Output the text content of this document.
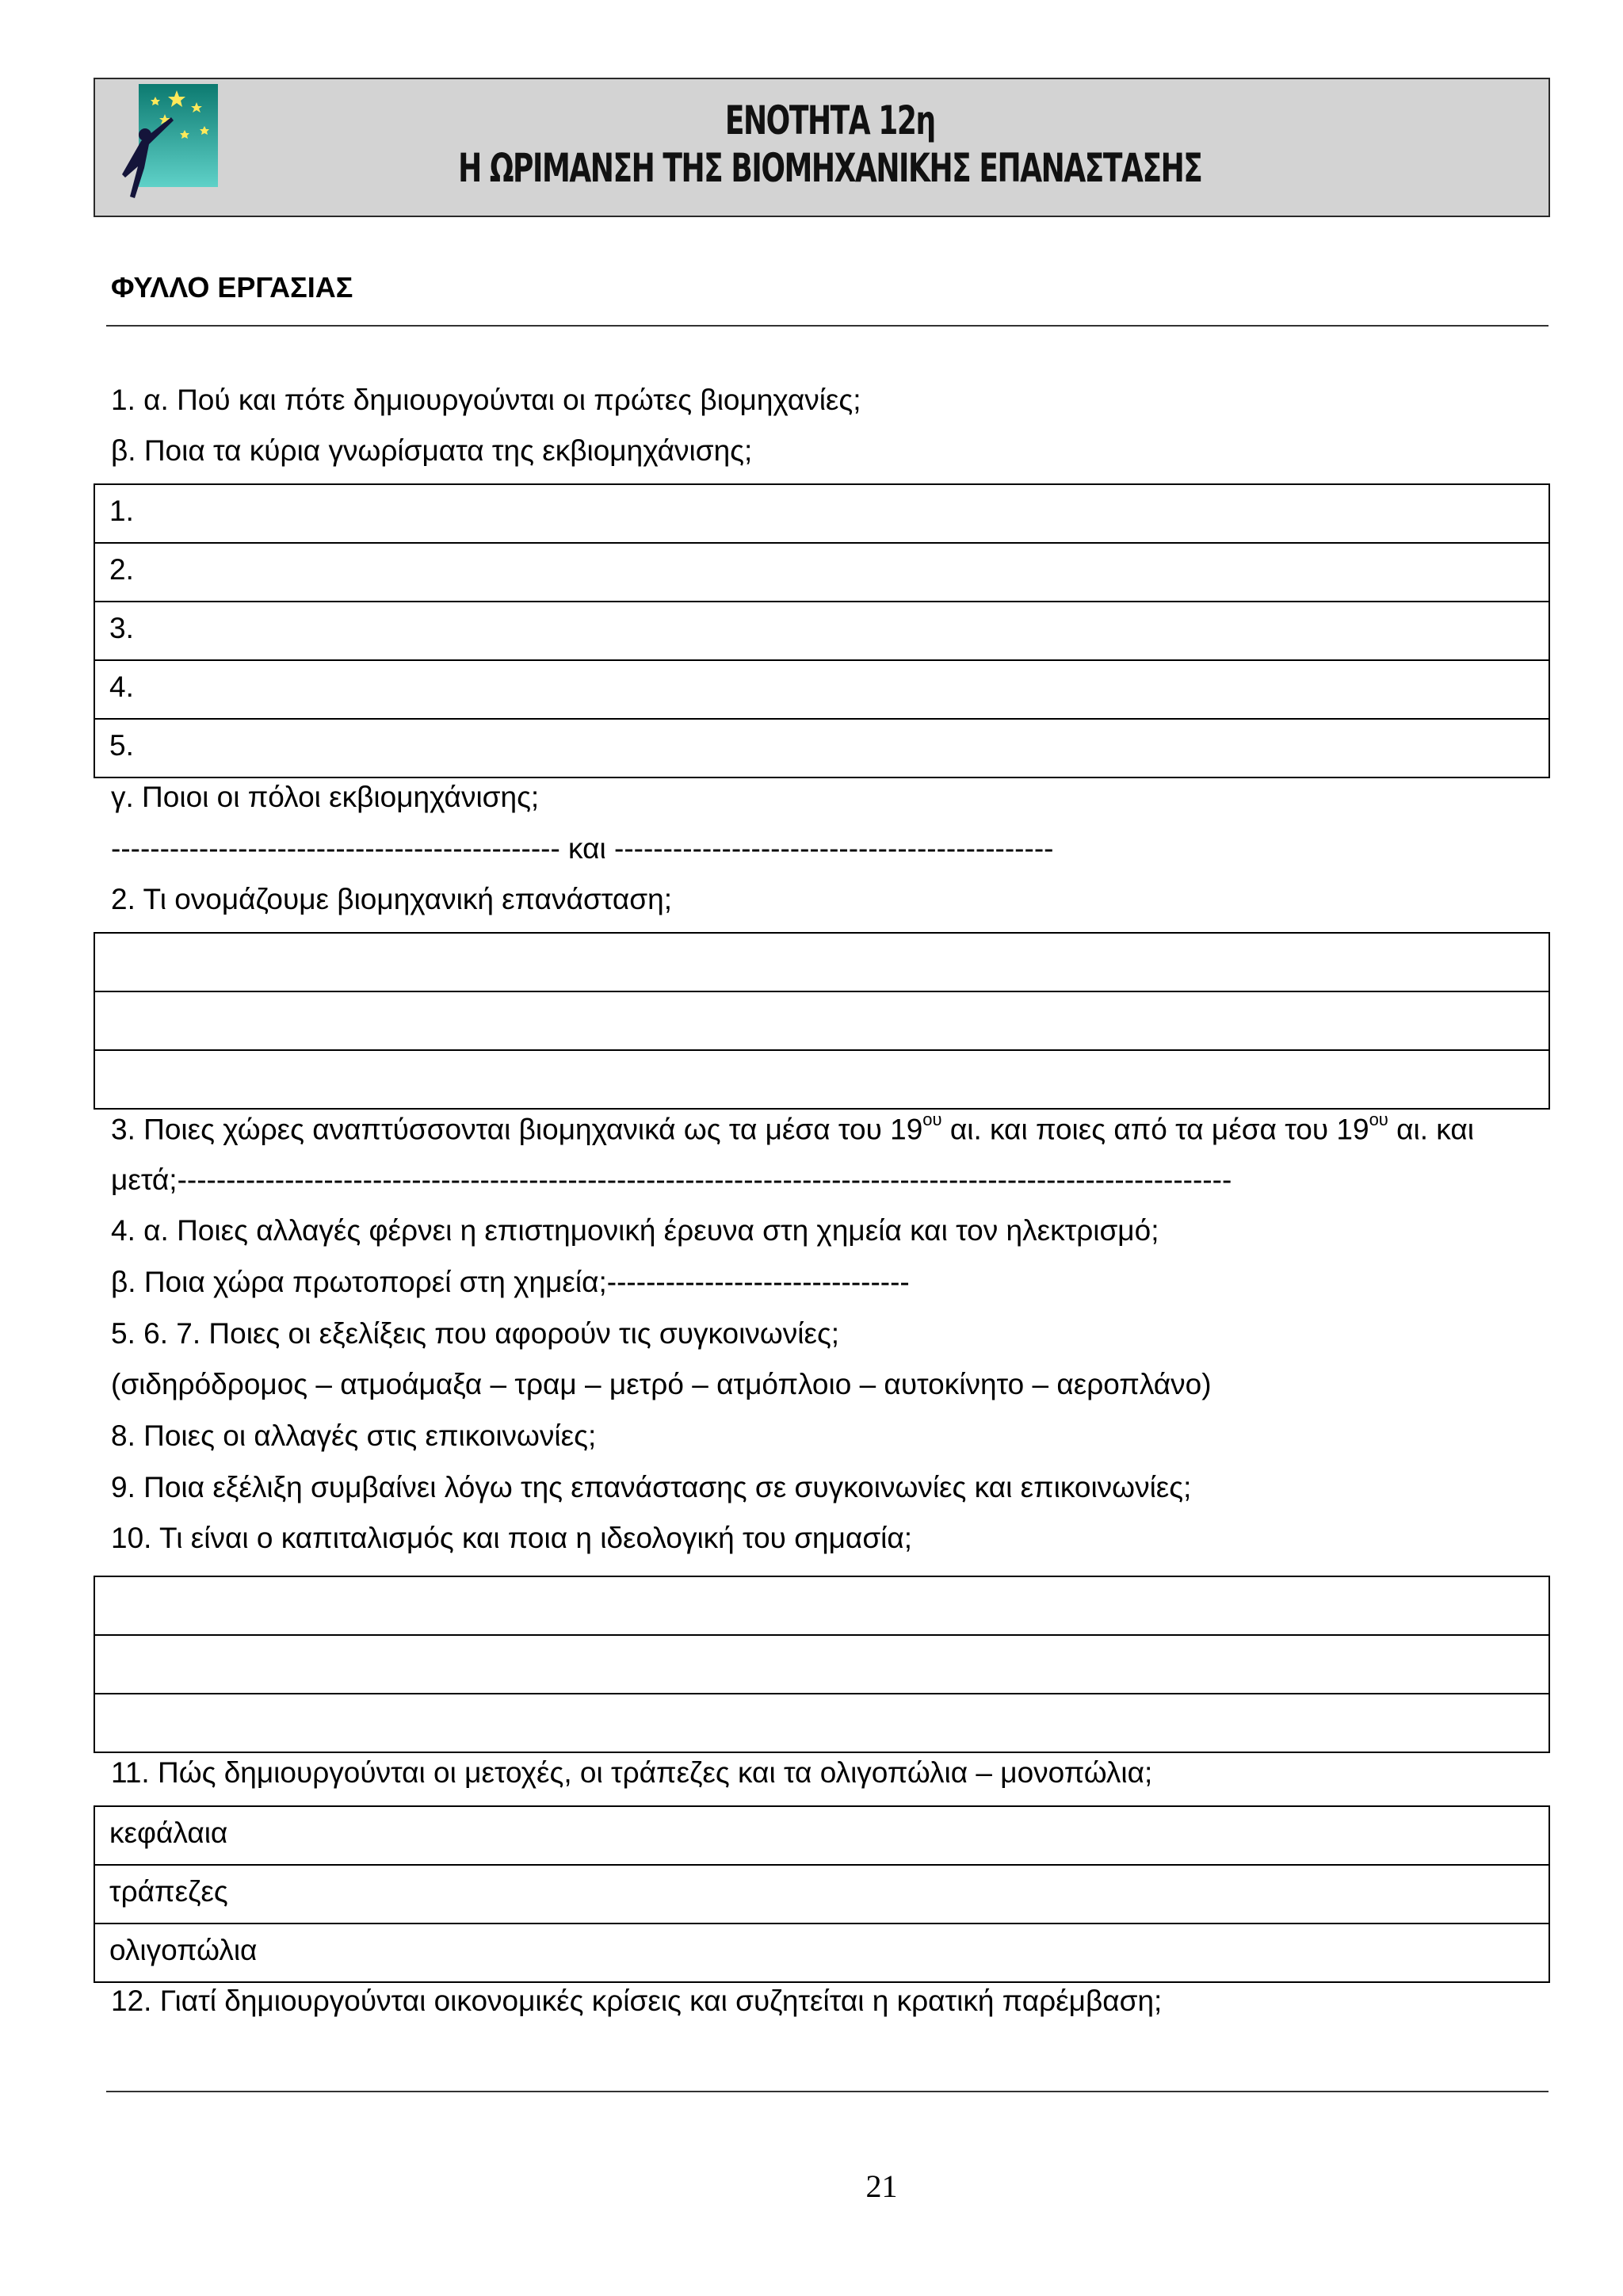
ΕΝΟΤΗΤΑ 12η
Η ΩΡΙΜΑΝΣΗ ΤΗΣ ΒΙΟΜΗΧΑΝΙΚΗΣ ΕΠΑΝΑΣΤΑΣΗΣ
ΦΥΛΛΟ ΕΡΓΑΣΙΑΣ
1. α. Πού και πότε δημιουργούνται οι πρώτες βιομηχανίες;
β. Ποια τα κύρια γνωρίσματα της εκβιομηχάνισης;
1.
2.
3.
4.
5.
γ. Ποιοι οι πόλοι εκβιομηχάνισης;
---------------------------------------------- και ---------------------------------------------
2. Τι ονομάζουμε βιομηχανική επανάσταση;
3. Ποιες χώρες αναπτύσσονται βιομηχανικά ως τα μέσα του $19^{o\upsilon}$ αι. και ποιες από τα μέσα του $19^{o\upsilon}$ αι. και
μετά;------------------------------------------------------------------------------------------------------------
4. α. Ποιες αλλαγές φέρνει η επιστημονική έρευνα στη χημεία και τον ηλεκτρισμό;
β. Ποια χώρα πρωτοπορεί στη χημεία;-------------------------------
5. 6. 7. Ποιες οι εξελίξεις που αφορούν τις συγκοινωνίες;
(σιδηρόδρομος – ατμοάμαξα – τραμ – μετρό – ατμόπλοιο – αυτοκίνητο – αεροπλάνο)
8. Ποιες οι αλλαγές στις επικοινωνίες;
9. Ποια εξέλιξη συμβαίνει λόγω της επανάστασης σε συγκοινωνίες και επικοινωνίες;
10. Τι είναι ο καπιταλισμός και ποια η ιδεολογική του σημασία;
11. Πώς δημιουργούνται οι μετοχές, οι τράπεζες και τα ολιγοπώλια – μονοπώλια;
κεφάλαια
τράπεζες
ολιγοπώλια
12. Γιατί δημιουργούνται οικονομικές κρίσεις και συζητείται η κρατική παρέμβαση;
21
